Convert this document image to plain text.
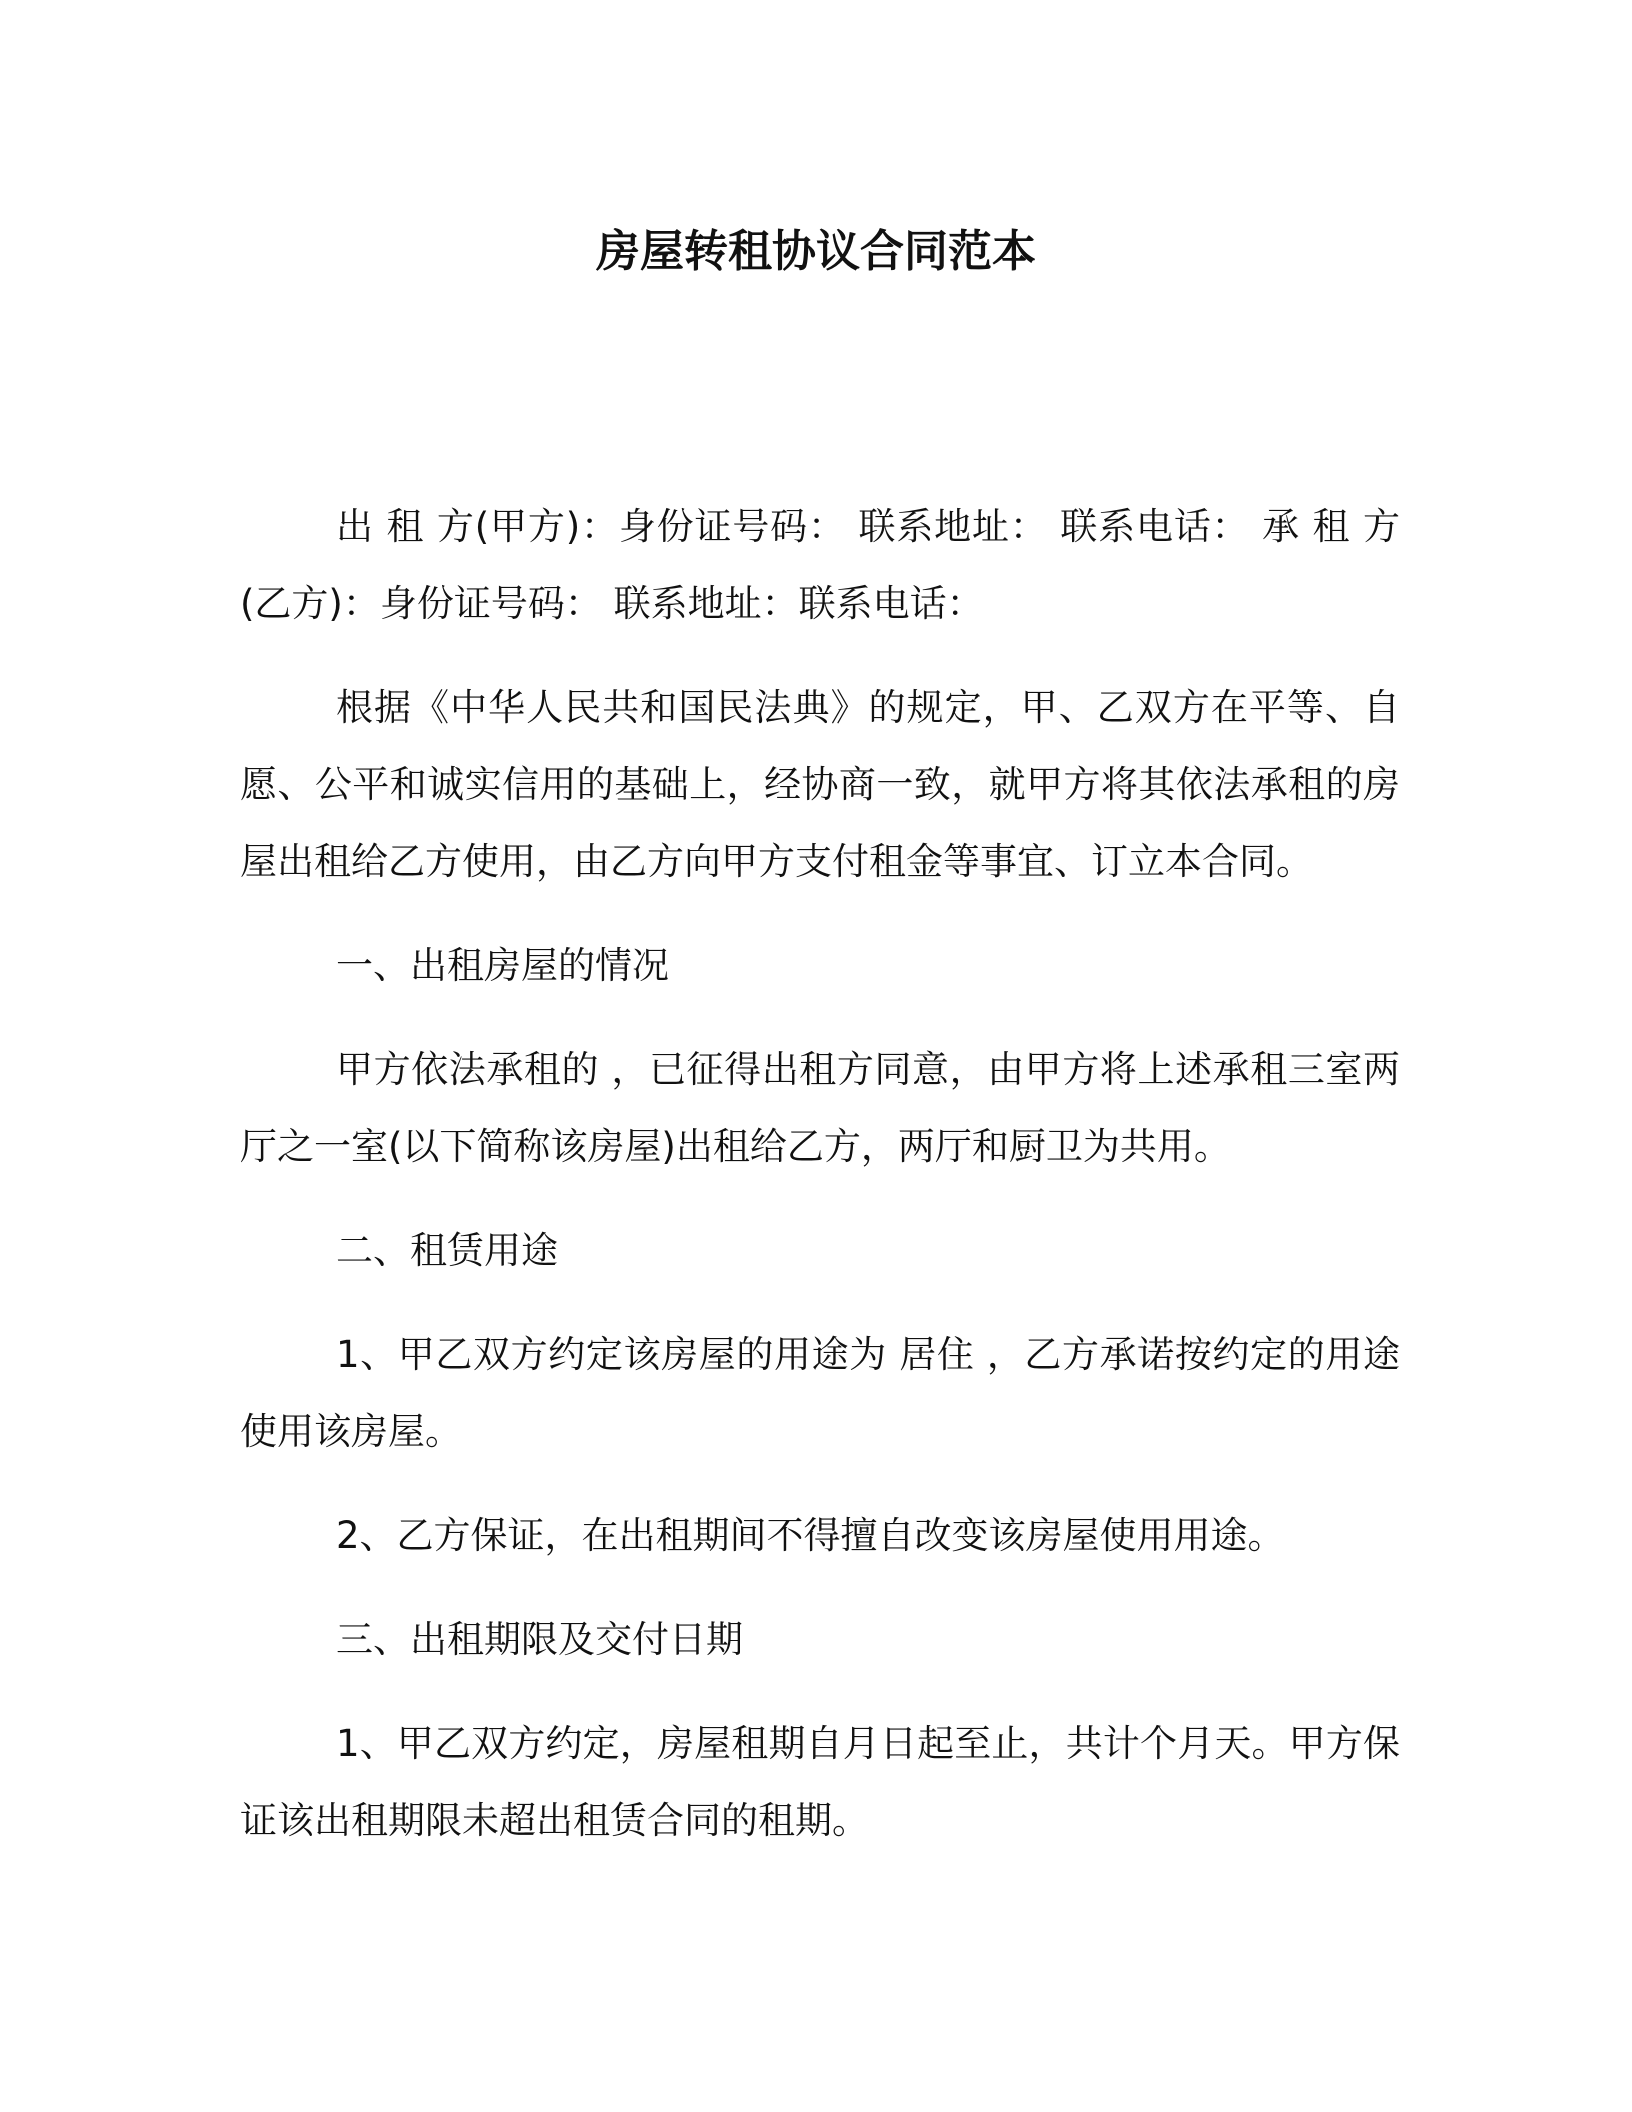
房屋转租协议合同范本

出 租 方(甲方)：身份证号码： 联系地址： 联系电话： 承 租 方(乙方)：身份证号码： 联系地址：联系电话：

根据《中华人民共和国民法典》的规定，甲、乙双方在平等、自愿、公平和诚实信用的基础上，经协商一致，就甲方将其依法承租的房屋出租给乙方使用，由乙方向甲方支付租金等事宜、订立本合同。

一、出租房屋的情况

甲方依法承租的 ，已征得出租方同意，由甲方将上述承租三室两厅之一室(以下简称该房屋)出租给乙方，两厅和厨卫为共用。

二、租赁用途

1、甲乙双方约定该房屋的用途为 居住 ，乙方承诺按约定的用途使用该房屋。

2、乙方保证，在出租期间不得擅自改变该房屋使用用途。

三、出租期限及交付日期

1、甲乙双方约定，房屋租期自月日起至止，共计个月天。甲方保证该出租期限未超出租赁合同的租期。
